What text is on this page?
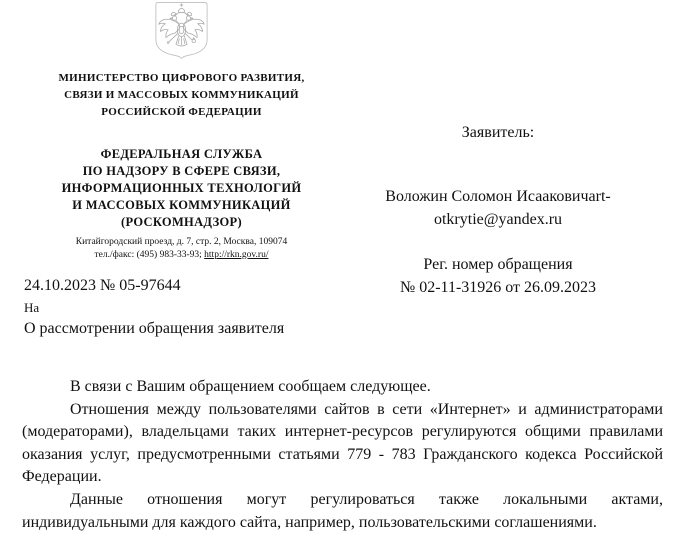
МИНИСТЕРСТВО ЦИФРОВОГО РАЗВИТИЯ,
СВЯЗИ И МАССОВЫХ КОММУНИКАЦИЙ
РОССИЙСКОЙ ФЕДЕРАЦИИ
ФЕДЕРАЛЬНАЯ СЛУЖБА
ПО НАДЗОРУ В СФЕРЕ СВЯЗИ,
ИНФОРМАЦИОННЫХ ТЕХНОЛОГИЙ
И МАССОВЫХ КОММУНИКАЦИЙ
(РОСКОМНАДЗОР)
Китайгородский проезд, д. 7, стр. 2, Москва, 109074
тел./факс: (495) 983-33-93; http://rkn.gov.ru/
24.10.2023 № 05-97644
На
О рассмотрении обращения заявителя
Заявитель:
Воложин Соломон Исааковичart-
otkrytie@yandex.ru
Рег. номер обращения
№ 02-11-31926 от 26.09.2023

В связи с Вашим обращением сообщаем следующее.

Отношения между пользователями сайтов в сети «Интернет» и администраторами (модераторами), владельцами таких интернет-ресурсов регулируются общими правилами оказания услуг, предусмотренными статьями 779 - 783 Гражданского кодекса Российской Федерации.

Данные отношения могут регулироваться также локальными актами, индивидуальными для каждого сайта, например, пользовательскими соглашениями.
